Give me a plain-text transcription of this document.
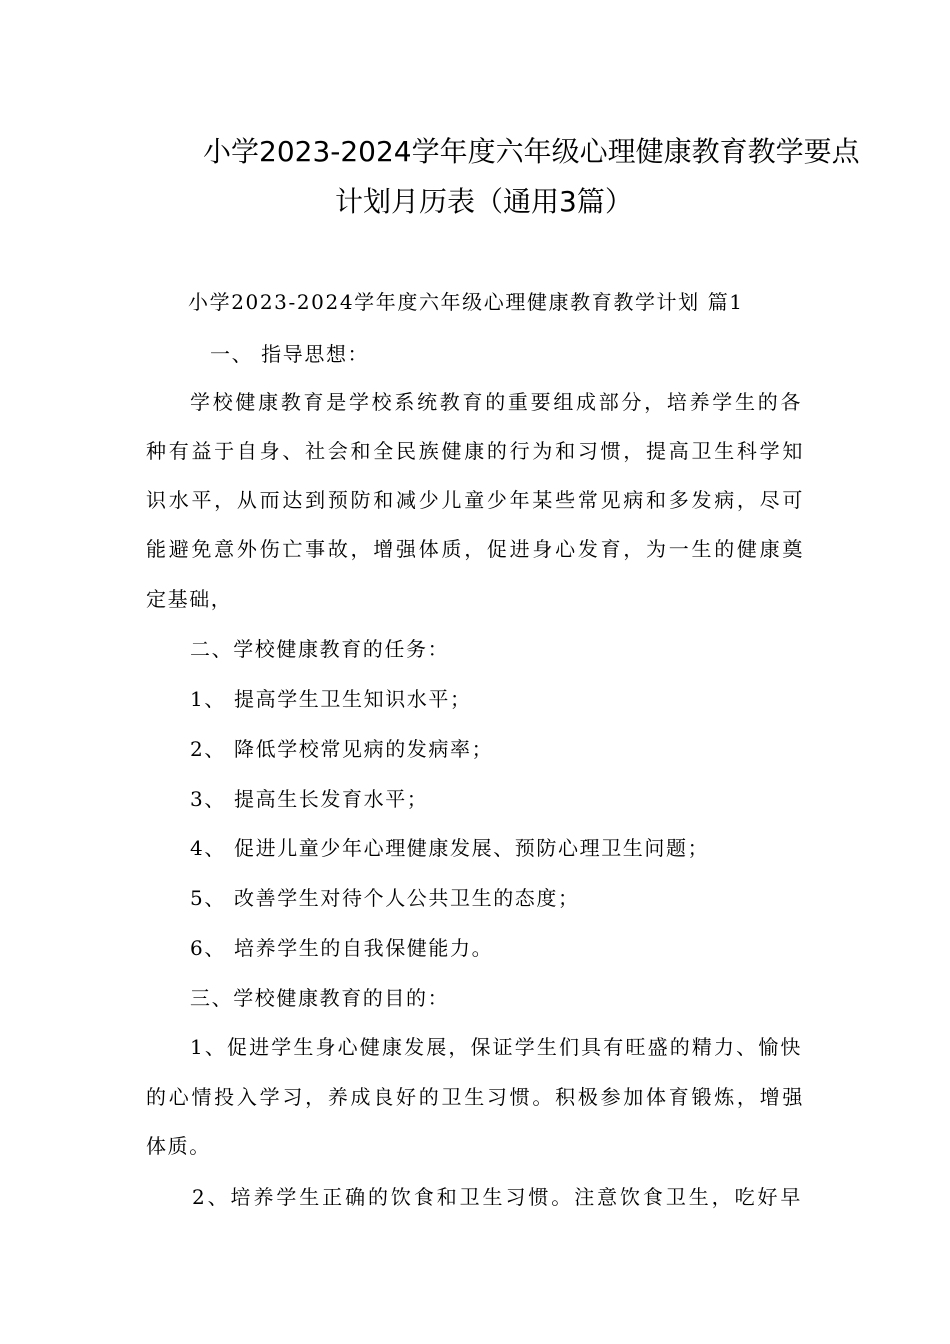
小学2023-2024学年度六年级心理健康教育教学要点
计划月历表（通用3篇）
小学2023-2024学年度六年级心理健康教育教学计划 篇1
一、 指导思想：
学校健康教育是学校系统教育的重要组成部分，培养学生的各
种有益于自身、社会和全民族健康的行为和习惯，提高卫生科学知
识水平，从而达到预防和减少儿童少年某些常见病和多发病，尽可
能避免意外伤亡事故，增强体质，促进身心发育，为一生的健康奠
定基础，
二、学校健康教育的任务：
1、 提高学生卫生知识水平；
2、 降低学校常见病的发病率；
3、 提高生长发育水平；
4、 促进儿童少年心理健康发展、预防心理卫生问题；
5、 改善学生对待个人公共卫生的态度；
6、 培养学生的自我保健能力。
三、学校健康教育的目的：
1、促进学生身心健康发展，保证学生们具有旺盛的精力、愉快
的心情投入学习，养成良好的卫生习惯。积极参加体育锻炼，增强
体质。
2、培养学生正确的饮食和卫生习惯。注意饮食卫生，吃好早
